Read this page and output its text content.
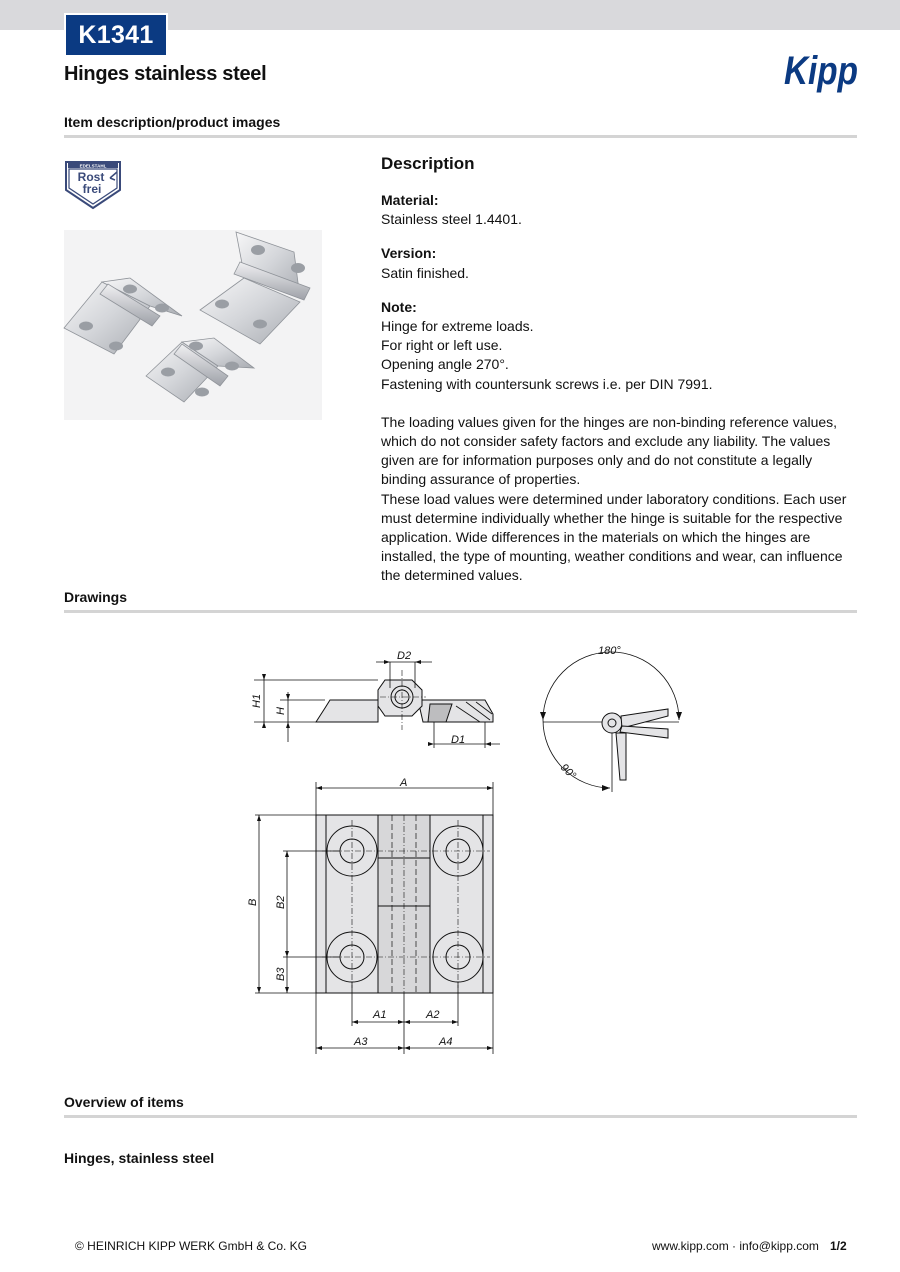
K1341
Hinges stainless steel	Kipp
Item description/product images
EDELSTAHL
Rost
frei
Description

Material:

Stainless steel 1.4401.

Version:

Satin finished.

Note:

Hinge for extreme loads.

For right or left use.

Opening angle 270°.

Fastening with countersunk screws i.e. per DIN 7991.

The loading values given for the hinges are non-binding reference values, which do not consider safety factors and exclude any liability. The values given are for information purposes only and do not constitute a legally binding assurance of properties.

These load values were determined under laboratory conditions. Each user must determine individually whether the hinge is suitable for the respective application. Wide differences in the materials on which the hinges are installed, the type of mounting, weather conditions and wear, can influence the determined values.

Drawings
D2
H1
H
D1
180°
90°
A
B B2
B3
A1	A2
A3	A4
Overview of items
Hinges, stainless steel
© HEINRICH KIPP WERK GmbH & Co. KG	www.kipp.com · info@kipp.com 1/2
